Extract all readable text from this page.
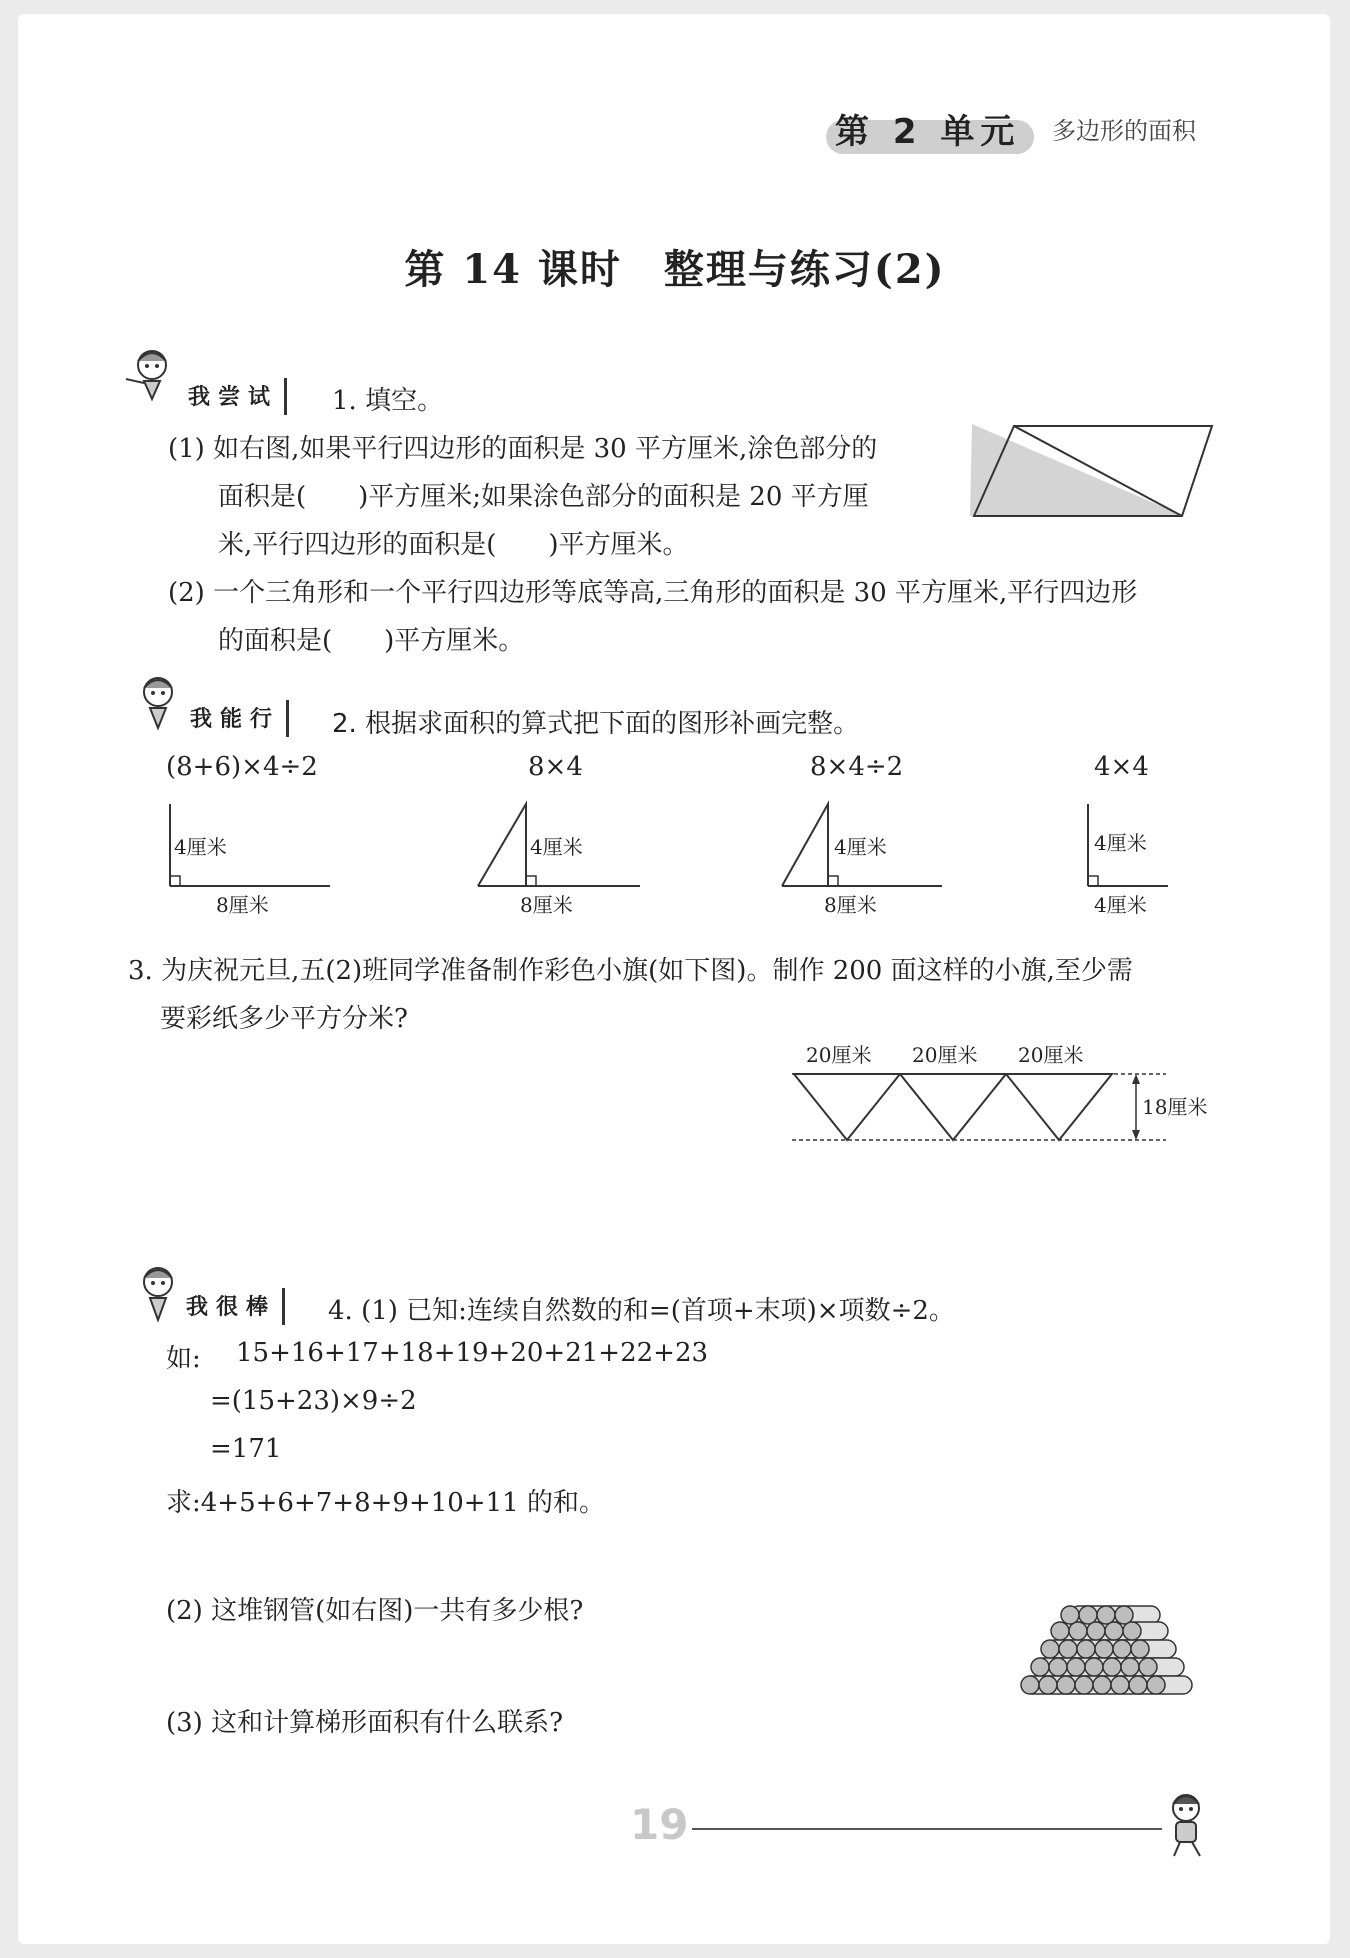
第 2 单元 多边形的面积
第 14 课时　整理与练习(2)
我尝试
我能行
我很棒
1. 填空。
(1) 如右图,如果平行四边形的面积是 30 平方厘米,涂色部分的
面积是(　　)平方厘米;如果涂色部分的面积是 20 平方厘
米,平行四边形的面积是(　　)平方厘米。
(2) 一个三角形和一个平行四边形等底等高,三角形的面积是 30 平方厘米,平行四边形
的面积是(　　)平方厘米。
2. 根据求面积的算式把下面的图形补画完整。
(8+6)×4÷2	8×4	8×4÷2	4×4
4厘米
8厘米
4厘米
8厘米
4厘米
8厘米
4厘米
4厘米
3. 为庆祝元旦,五(2)班同学准备制作彩色小旗(如下图)。制作 200 面这样的小旗,至少需
要彩纸多少平方分米?
20厘米 20厘米 20厘米
18厘米
4. (1) 已知:连续自然数的和=(首项+末项)×项数÷2。
如: 15+16+17+18+19+20+21+22+23
=(15+23)×9÷2
=171
求:4+5+6+7+8+9+10+11 的和。
(2) 这堆钢管(如右图)一共有多少根?
(3) 这和计算梯形面积有什么联系?
19
